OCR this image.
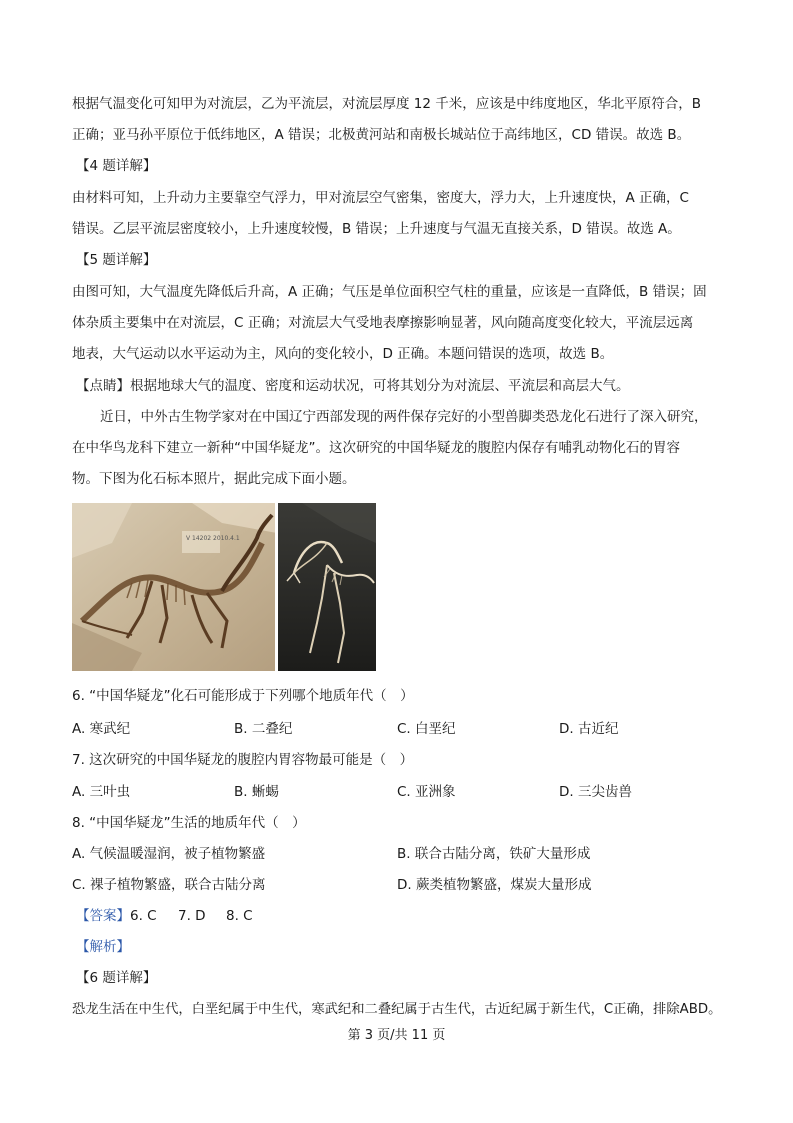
根据气温变化可知甲为对流层，乙为平流层，对流层厚度 12 千米，应该是中纬度地区，华北平原符合，B
正确；亚马孙平原位于低纬地区，A 错误；北极黄河站和南极长城站位于高纬地区，CD 错误。故选 B。
【4 题详解】
由材料可知，上升动力主要靠空气浮力，甲对流层空气密集，密度大，浮力大，上升速度快，A 正确，C
错误。乙层平流层密度较小，上升速度较慢，B 错误；上升速度与气温无直接关系，D 错误。故选 A。
【5 题详解】
由图可知，大气温度先降低后升高，A 正确；气压是单位面积空气柱的重量，应该是一直降低，B 错误；固
体杂质主要集中在对流层，C 正确；对流层大气受地表摩擦影响显著，风向随高度变化较大，平流层远离
地表，大气运动以水平运动为主，风向的变化较小，D 正确。本题问错误的选项，故选 B。
【点睛】根据地球大气的温度、密度和运动状况，可将其划分为对流层、平流层和高层大气。
近日，中外古生物学家对在中国辽宁西部发现的两件保存完好的小型兽脚类恐龙化石进行了深入研究，
在中华鸟龙科下建立一新种“中国华疑龙”。这次研究的中国华疑龙的腹腔内保存有哺乳动物化石的胃容
物。下图为化石标本照片，据此完成下面小题。
V 14202 2010.4.1
6. “中国华疑龙”化石可能形成于下列哪个地质年代（　）
A. 寒武纪	B. 二叠纪	C. 白垩纪	D. 古近纪
7. 这次研究的中国华疑龙的腹腔内胃容物最可能是（　）
A. 三叶虫	B. 蜥蜴	C. 亚洲象	D. 三尖齿兽
8. “中国华疑龙”生活的地质年代（　）
A. 气候温暖湿润，被子植物繁盛	B. 联合古陆分离，铁矿大量形成
C. 裸子植物繁盛，联合古陆分离	D. 蕨类植物繁盛，煤炭大量形成
【答案】 6. C 7. D 8. C
【解析】
【6 题详解】
恐龙生活在中生代，白垩纪属于中生代，寒武纪和二叠纪属于古生代，古近纪属于新生代，C正确，排除ABD。
第 3 页/共 11 页
